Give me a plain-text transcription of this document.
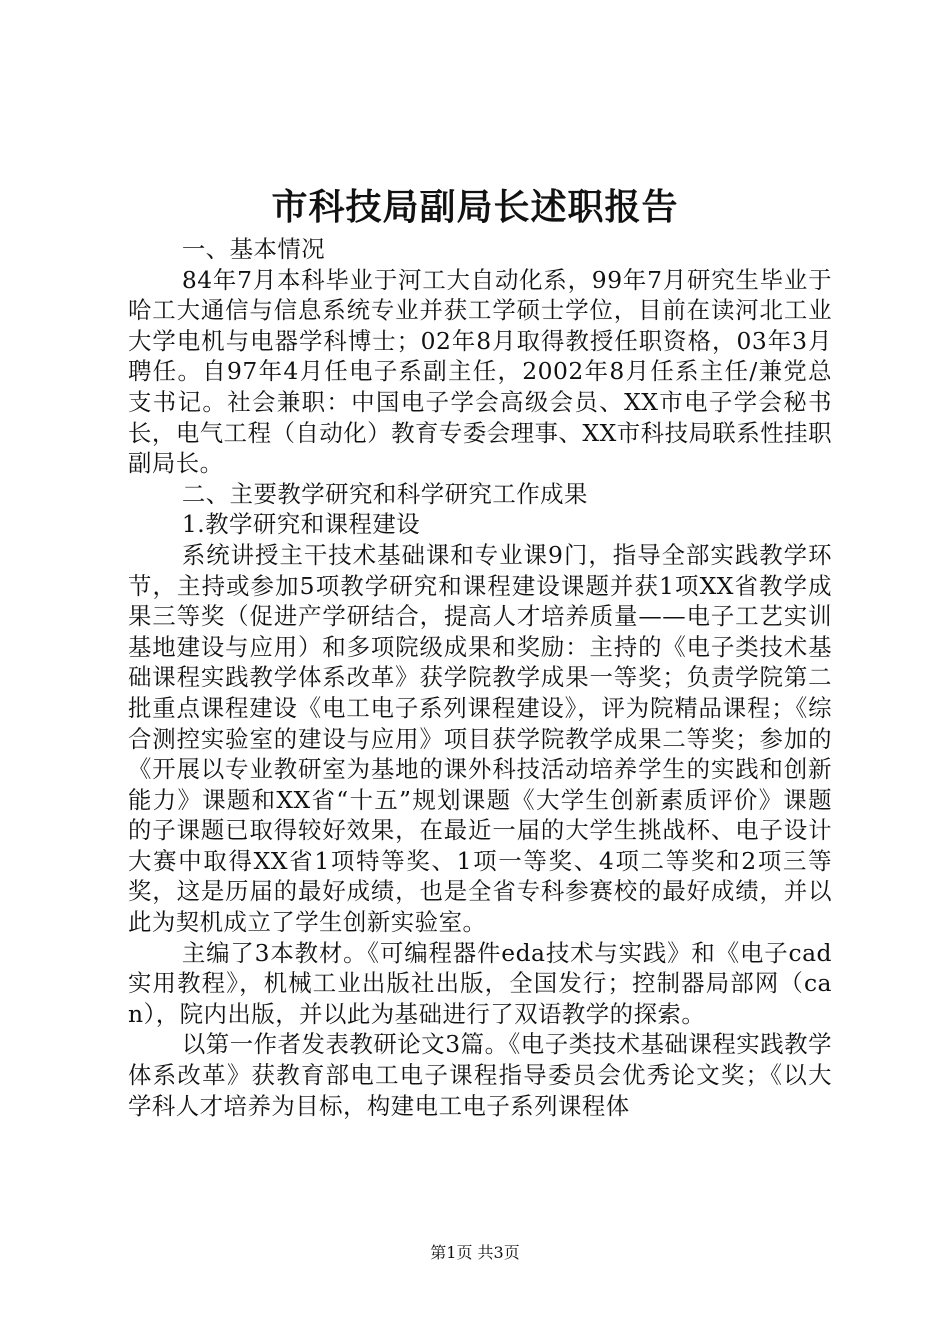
市科技局副局长述职报告

一、基本情况

84年7月本科毕业于河工大自动化系，99年7月研究生毕业于哈工大通信与信息系统专业并获工学硕士学位，目前在读河北工业大学电机与电器学科博士；02年8月取得教授任职资格，03年3月聘任。自97年4月任电子系副主任，2002年8月任系主任/兼党总支书记。社会兼职：中国电子学会高级会员、XX市电子学会秘书长，电气工程（自动化）教育专委会理事、XX市科技局联系性挂职副局长。

二、主要教学研究和科学研究工作成果

1.教学研究和课程建设

系统讲授主干技术基础课和专业课9门，指导全部实践教学环节，主持或参加5项教学研究和课程建设课题并获1项XX省教学成果三等奖（促进产学研结合，提高人才培养质量——电子工艺实训基地建设与应用）和多项院级成果和奖励：主持的《电子类技术基础课程实践教学体系改革》获学院教学成果一等奖；负责学院第二批重点课程建设《电工电子系列课程建设》，评为院精品课程；《综合测控实验室的建设与应用》项目获学院教学成果二等奖；参加的《开展以专业教研室为基地的课外科技活动培养学生的实践和创新能力》课题和XX省“十五”规划课题《大学生创新素质评价》课题的子课题已取得较好效果，在最近一届的大学生挑战杯、电子设计大赛中取得XX省1项特等奖、1项一等奖、4项二等奖和2项三等奖，这是历届的最好成绩，也是全省专科参赛校的最好成绩，并以此为契机成立了学生创新实验室。

主编了3本教材。《可编程器件eda技术与实践》和《电子cad实用教程》，机械工业出版社出版，全国发行；控制器局部网（can），院内出版，并以此为基础进行了双语教学的探索。

以第一作者发表教研论文3篇。《电子类技术基础课程实践教学体系改革》获教育部电工电子课程指导委员会优秀论文奖；《以大学科人才培养为目标，构建电工电子系列课程体

第1页 共3页
